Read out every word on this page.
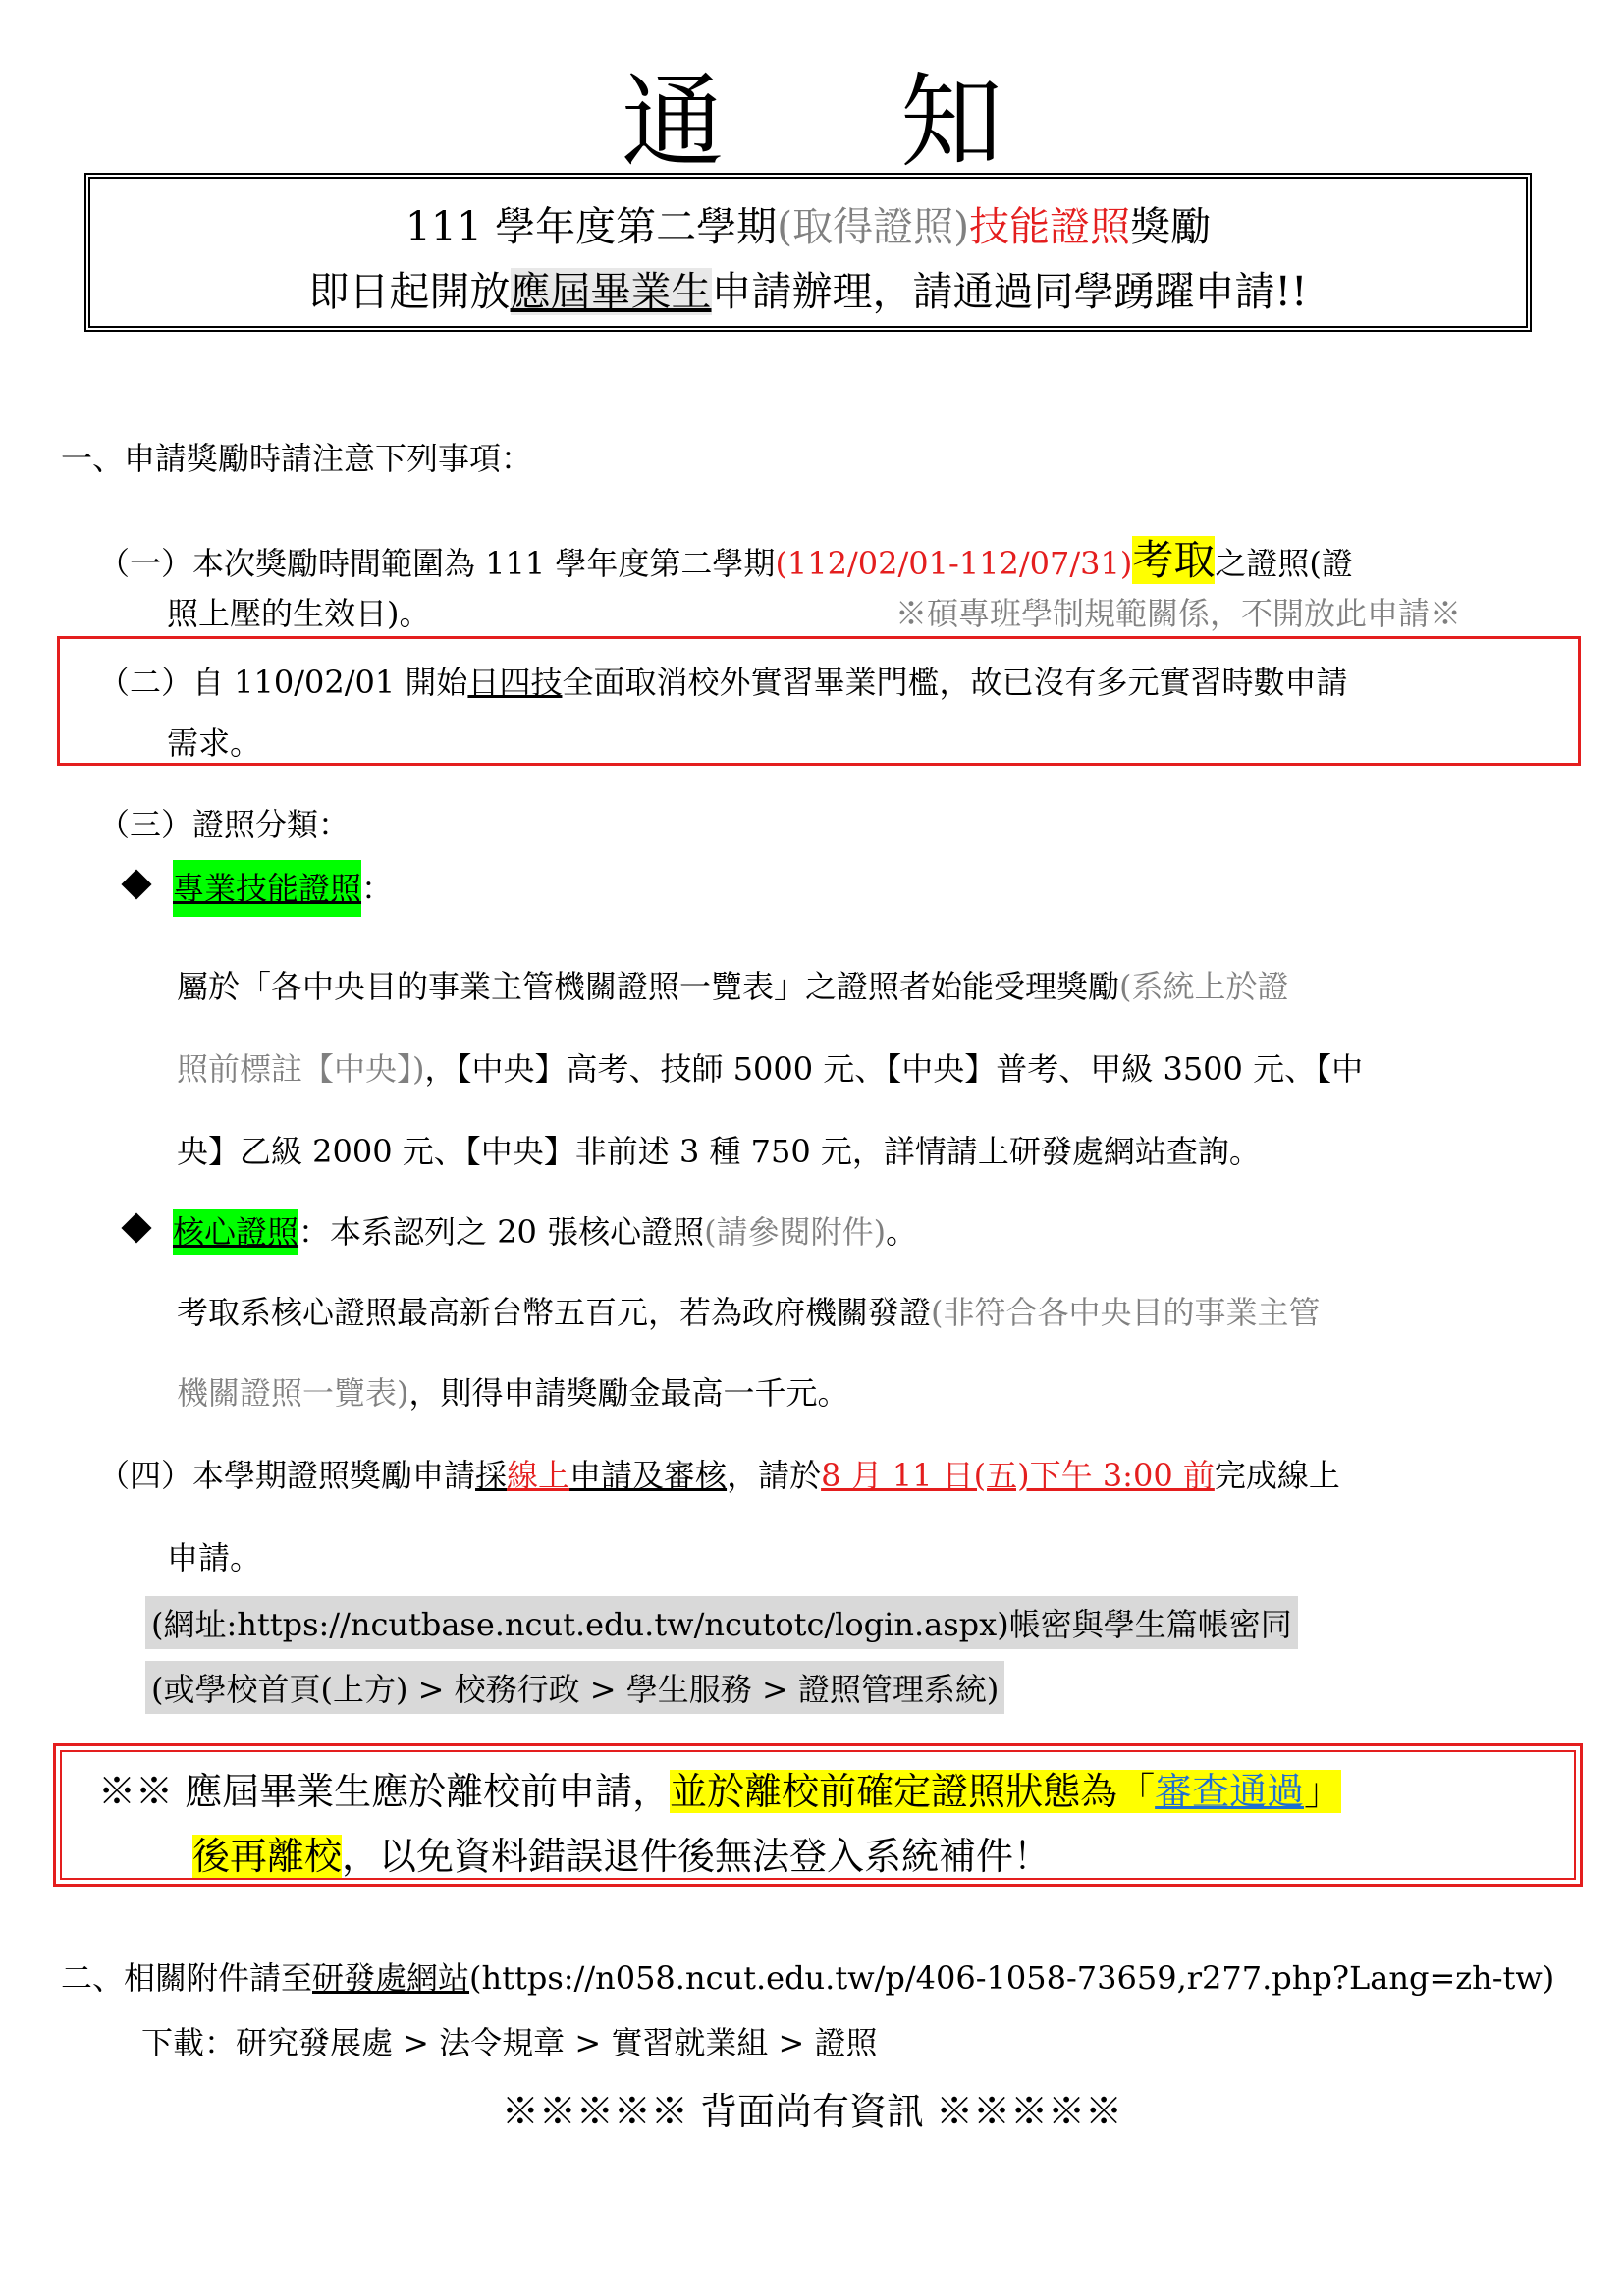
通 知
111 學年度第二學期(取得證照)技能證照獎勵
即日起開放應屆畢業生申請辦理，請通過同學踴躍申請!!
一、申請獎勵時請注意下列事項：
（一）本次獎勵時間範圍為 111 學年度第二學期(112/02/01-112/07/31)考取之證照(證
照上壓的生效日)。	※碩專班學制規範關係，不開放此申請※
（二）自 110/02/01 開始日四技全面取消校外實習畢業門檻，故已沒有多元實習時數申請
需求。
（三）證照分類：
專業技能證照：
屬於「各中央目的事業主管機關證照一覽表」之證照者始能受理獎勵(系統上於證
照前標註【中央】)，【中央】高考、技師 5000 元、【中央】普考、甲級 3500 元、【中
央】乙級 2000 元、【中央】非前述 3 種 750 元，詳情請上研發處網站查詢。
核心證照：本系認列之 20 張核心證照(請參閱附件)。
考取系核心證照最高新台幣五百元，若為政府機關發證(非符合各中央目的事業主管
機關證照一覽表)，則得申請獎勵金最高一千元。
（四）本學期證照獎勵申請採線上申請及審核，請於8 月 11 日(五)下午 3:00 前完成線上
申請。
(網址:https://ncutbase.ncut.edu.tw/ncutotc/login.aspx)帳密與學生篇帳密同
(或學校首頁(上方) > 校務行政 > 學生服務 > 證照管理系統)
※※ 應屆畢業生應於離校前申請，並於離校前確定證照狀態為「審查通過」
後再離校，以免資料錯誤退件後無法登入系統補件！
二、相關附件請至研發處網站(https://n058.ncut.edu.tw/p/406-1058-73659,r277.php?Lang=zh-tw)
下載：研究發展處 > 法令規章 > 實習就業組 > 證照
※※※※※ 背面尚有資訊 ※※※※※
